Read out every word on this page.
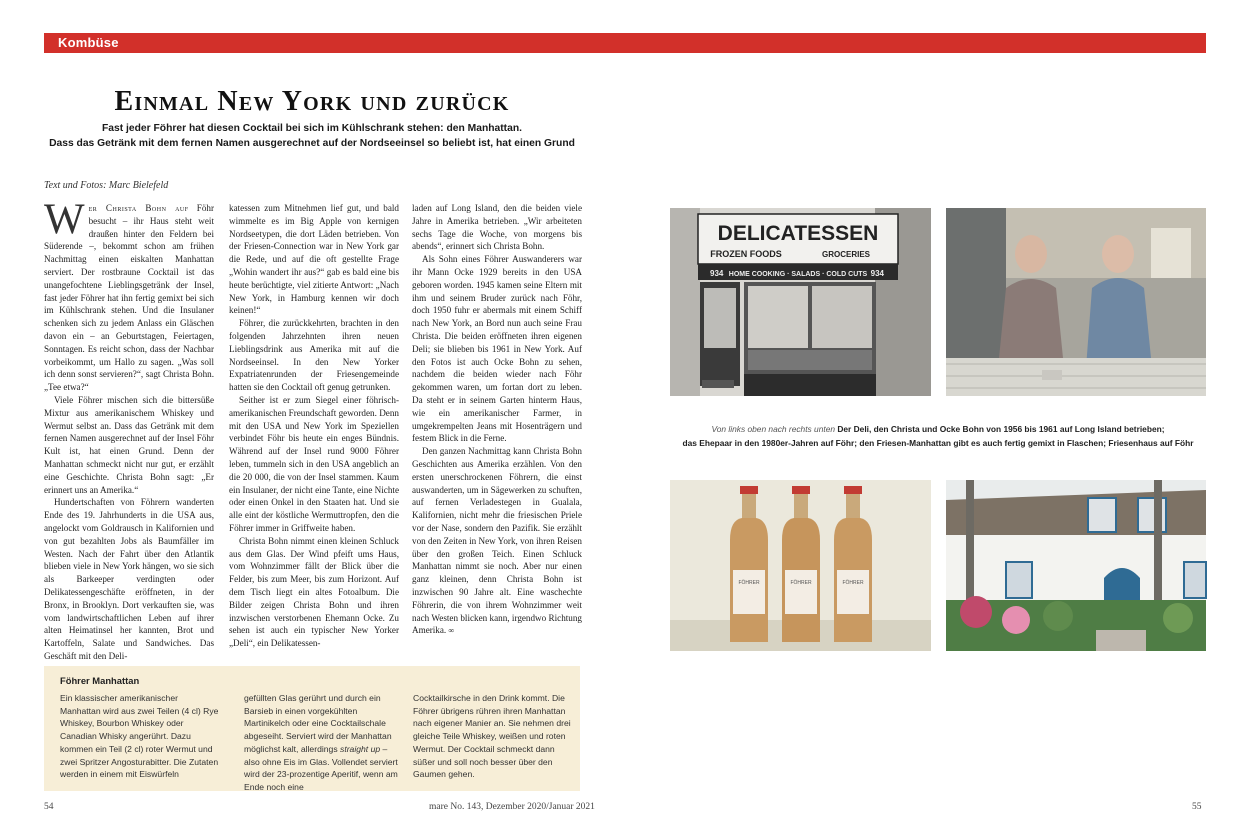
Kombüse
Einmal New York und zurück
Fast jeder Föhrer hat diesen Cocktail bei sich im Kühlschrank stehen: den Manhattan.
Dass das Getränk mit dem fernen Namen ausgerechnet auf der Nordseeinsel so beliebt ist, hat einen Grund
Text und Fotos: Marc Bielefeld

Wer Christa Bohn auf Föhr besucht – ihr Haus steht weit draußen hinter den Feldern bei Süderende –, bekommt schon am frühen Nachmittag einen eiskalten Manhattan serviert. Der rostbraune Cocktail ist das unangefochtene Lieblingsgetränk der Insel, fast jeder Föhrer hat ihn fertig gemixt bei sich im Kühlschrank stehen. Und die Insulaner schenken sich zu jedem Anlass ein Gläschen davon ein – an Geburtstagen, Feiertagen, Sonntagen. Es reicht schon, dass der Nachbar vorbeikommt, um Hallo zu sagen. „Was soll ich denn sonst servieren?“, sagt Christa Bohn. „Tee etwa?“

Viele Föhrer mischen sich die bittersüße Mixtur aus amerikanischem Whiskey und Wermut selbst an. Dass das Getränk mit dem fernen Namen ausgerechnet auf der Insel Föhr Kult ist, hat einen Grund. Denn der Manhattan schmeckt nicht nur gut, er erzählt eine Geschichte. Christa Bohn sagt: „Er erinnert uns an Amerika.“

Hundertschaften von Föhrern wanderten Ende des 19. Jahrhunderts in die USA aus, angelockt vom Goldrausch in Kalifornien und von gut bezahlten Jobs als Baumfäller im Westen. Nach der Fahrt über den Atlantik blieben viele in New York hängen, wo sie sich als Barkeeper verdingten oder Delikatessengeschäfte eröffneten, in der Bronx, in Brooklyn. Dort verkauften sie, was vom landwirtschaftlichen Leben auf ihrer alten Heimatinsel her kannten, Brot und Kartoffeln, Salate und Sandwiches. Das Geschäft mit den Deli-

katessen zum Mitnehmen lief gut, und bald wimmelte es im Big Apple von kernigen Nordseetypen, die dort Läden betrieben. Von der Friesen-Connection war in New York gar die Rede, und auf die oft gestellte Frage „Wohin wandert ihr aus?“ gab es bald eine bis heute berüchtigte, viel zitierte Antwort: „Nach New York, in Hamburg kennen wir doch keinen!“

Föhrer, die zurückkehrten, brachten in den folgenden Jahrzehnten ihren neuen Lieblingsdrink aus Amerika mit auf die Nordseeinsel. In den New Yorker Expatriatenrunden der Friesengemeinde hatten sie den Cocktail oft genug getrunken.

Seither ist er zum Siegel einer föhrisch-amerikanischen Freundschaft geworden. Denn mit den USA und New York im Speziellen verbindet Föhr bis heute ein enges Bündnis. Während auf der Insel rund 9000 Föhrer leben, tummeln sich in den USA angeblich an die 20 000, die von der Insel stammen. Kaum ein Insulaner, der nicht eine Tante, eine Nichte oder einen Onkel in den Staaten hat. Und sie alle eint der köstliche Wermuttropfen, den die Föhrer immer in Griffweite haben.

Christa Bohn nimmt einen kleinen Schluck aus dem Glas. Der Wind pfeift ums Haus, vom Wohnzimmer fällt der Blick über die Felder, bis zum Meer, bis zum Horizont. Auf dem Tisch liegt ein altes Fotoalbum. Die Bilder zeigen Christa Bohn und ihren inzwischen verstorbenen Ehemann Ocke. Zu sehen ist auch ein typischer New Yorker „Deli“, ein Delikatessen-

laden auf Long Island, den die beiden viele Jahre in Amerika betrieben. „Wir arbeiteten sechs Tage die Woche, von morgens bis abends“, erinnert sich Christa Bohn.

Als Sohn eines Föhrer Auswanderers war ihr Mann Ocke 1929 bereits in den USA geboren worden. 1945 kamen seine Eltern mit ihm und seinem Bruder zurück nach Föhr, doch 1950 fuhr er abermals mit einem Schiff nach New York, an Bord nun auch seine Frau Christa. Die beiden eröffneten ihren eigenen Deli; sie blieben bis 1961 in New York. Auf den Fotos ist auch Ocke Bohn zu sehen, nachdem die beiden wieder nach Föhr gekommen waren, um fortan dort zu leben. Da steht er in seinem Garten hinterm Haus, wie ein amerikanischer Farmer, in umgekrempelten Jeans mit Hosenträgern und festem Blick in die Ferne.

Den ganzen Nachmittag kann Christa Bohn Geschichten aus Amerika erzählen. Von den ersten unerschrockenen Föhrern, die einst auswanderten, um in Sägewerken zu schuften, auf fernen Verladestegen in Gualala, Kalifornien, nicht mehr die friesischen Priele vor der Nase, sondern den Pazifik. Sie erzählt von den Zeiten in New York, von ihren Reisen über den großen Teich. Einen Schluck Manhattan nimmt sie noch. Aber nur einen ganz kleinen, denn Christa Bohn ist inzwischen 90 Jahre alt. Eine waschechte Föhrerin, die von ihrem Wohnzimmer weit nach Westen blicken kann, irgendwo Richtung Amerika. ∞

Föhrer Manhattan
Ein klassischer amerikanischer Manhattan wird aus zwei Teilen (4 cl) Rye Whiskey, Bourbon Whiskey oder Canadian Whisky angerührt. Dazu kommen ein Teil (2 cl) roter Wermut und zwei Spritzer Angosturabitter. Die Zutaten werden in einem mit Eiswürfeln
gefüllten Glas gerührt und durch ein Barsieb in einen vorgekühlten Martinikelch oder eine Cocktailschale abgeseiht. Serviert wird der Manhattan möglichst kalt, allerdings straight up – also ohne Eis im Glas. Vollendet serviert wird der 23-prozentige Aperitif, wenn am Ende noch eine
Cocktailkirsche in den Drink kommt. Die Föhrer übrigens rühren ihren Manhattan nach eigener Manier an. Sie nehmen drei gleiche Teile Whiskey, weißen und roten Wermut. Der Cocktail schmeckt dann süßer und soll noch besser über den Gaumen gehen.
54	mare No. 143, Dezember 2020/Januar 2021	55
DELICATESSEN
FROZEN FOODS	GROCERIES
934 HOME COOKING · SALADS · COLD CUTS 934
FÖHRER	FÖHRER	FÖHRER
Von links oben nach rechts unten Der Deli, den Christa und Ocke Bohn von 1956 bis 1961 auf Long Island betrieben;
das Ehepaar in den 1980er-Jahren auf Föhr; den Friesen-Manhattan gibt es auch fertig gemixt in Flaschen; Friesenhaus auf Föhr
